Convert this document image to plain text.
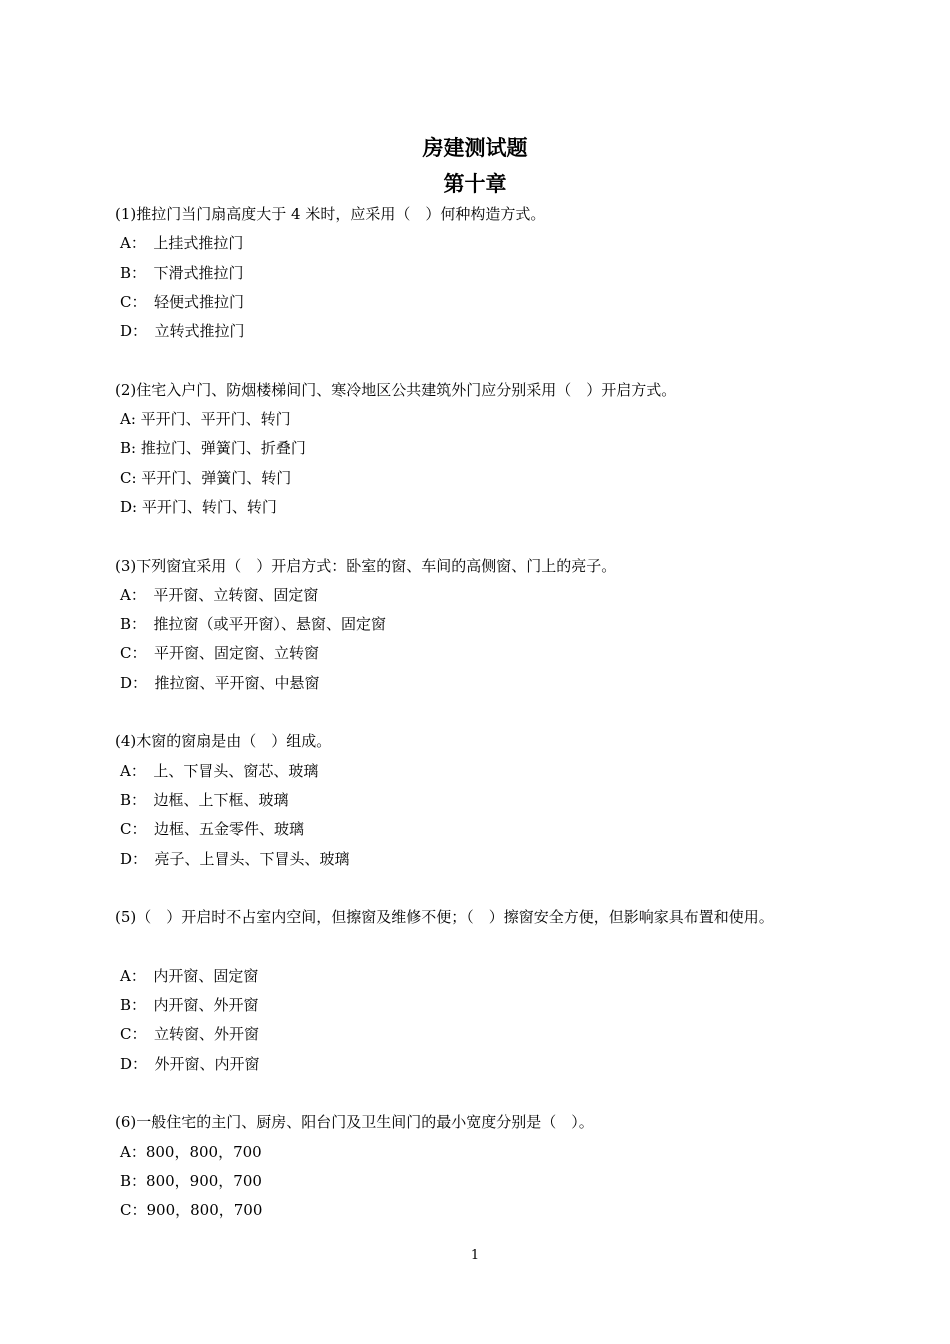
房建测试题
第十章
(1)推拉门当门扇高度大于 4 米时，应采用（　）何种构造方式。
A：　上挂式推拉门
B：　下滑式推拉门
C：　轻便式推拉门
D：　立转式推拉门
(2)住宅入户门、防烟楼梯间门、寒冷地区公共建筑外门应分别采用（　）开启方式。
A: 平开门、平开门、转门
B: 推拉门、弹簧门、折叠门
C: 平开门、弹簧门、转门
D: 平开门、转门、转门
(3)下列窗宜采用（　）开启方式：卧室的窗、车间的高侧窗、门上的亮子。
A：　平开窗、立转窗、固定窗
B：　推拉窗（或平开窗）、悬窗、固定窗
C：　平开窗、固定窗、立转窗
D：　推拉窗、平开窗、中悬窗
(4)木窗的窗扇是由（　）组成。
A：　上、下冒头、窗芯、玻璃
B：　边框、上下框、玻璃
C：　边框、五金零件、玻璃
D：　亮子、上冒头、下冒头、玻璃
(5)（　）开启时不占室内空间，但擦窗及维修不便；（　）擦窗安全方便，但影响家具布置和使用。
A：　内开窗、固定窗
B：　内开窗、外开窗
C：　立转窗、外开窗
D：　外开窗、内开窗
(6)一般住宅的主门、厨房、阳台门及卫生间门的最小宽度分别是（　）。
A：800，800，700
B：800，900，700
C：900，800，700
1
